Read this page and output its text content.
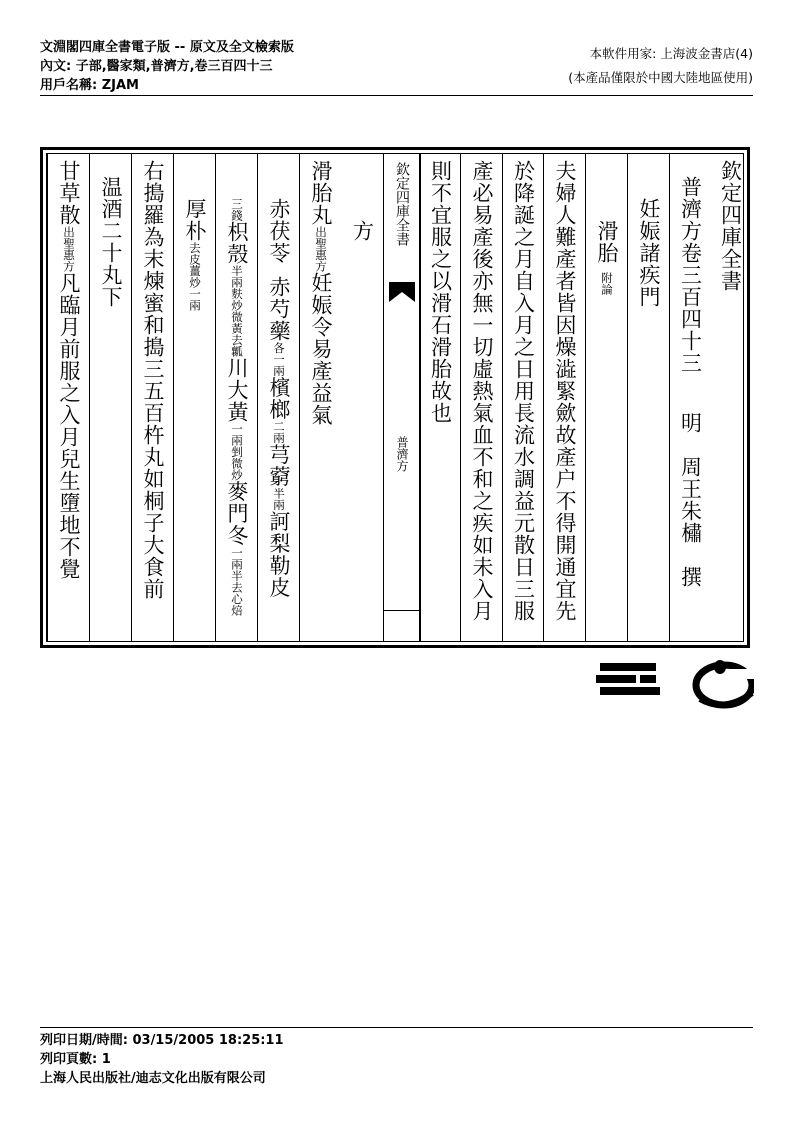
文淵閣四庫全書電子版 -- 原文及全文檢索版
內文: 子部,醫家類,普濟方,卷三百四十三
用戶名稱: ZJAM
本軟件用家: 上海波金書店(4)
(本產品僅限於中國大陸地區使用)
欽定四庫全書
普濟方卷三百四十三
明　周王朱橚　撰
妊娠諸疾門
滑胎附論
夫婦人難產者皆因燥澁緊歛故產户不得開通宜先
於降誕之月自入月之日用長流水調益元散日三服
產必易產後亦無一切虛熱氣血不和之疾如未入月
則不宜服之以滑石滑胎故也
欽定四庫全書
普濟方
方
滑胎丸出聖惠方妊娠令易產益氣
赤茯苓赤芍藥各一兩檳榔二兩芎藭半兩訶梨勒皮
三錢枳殼半兩麩炒微黃去瓤川大黃一兩剉微炒麥門冬一兩半去心焙
厚朴去皮薑炒一兩
右搗羅為末煉蜜和搗三五百杵丸如桐子大食前
温酒二十丸下
甘草散出聖惠方凡臨月前服之入月兒生墮地不覺
列印日期/時間: 03/15/2005 18:25:11
列印頁數: 1
上海人民出版社/迪志文化出版有限公司
